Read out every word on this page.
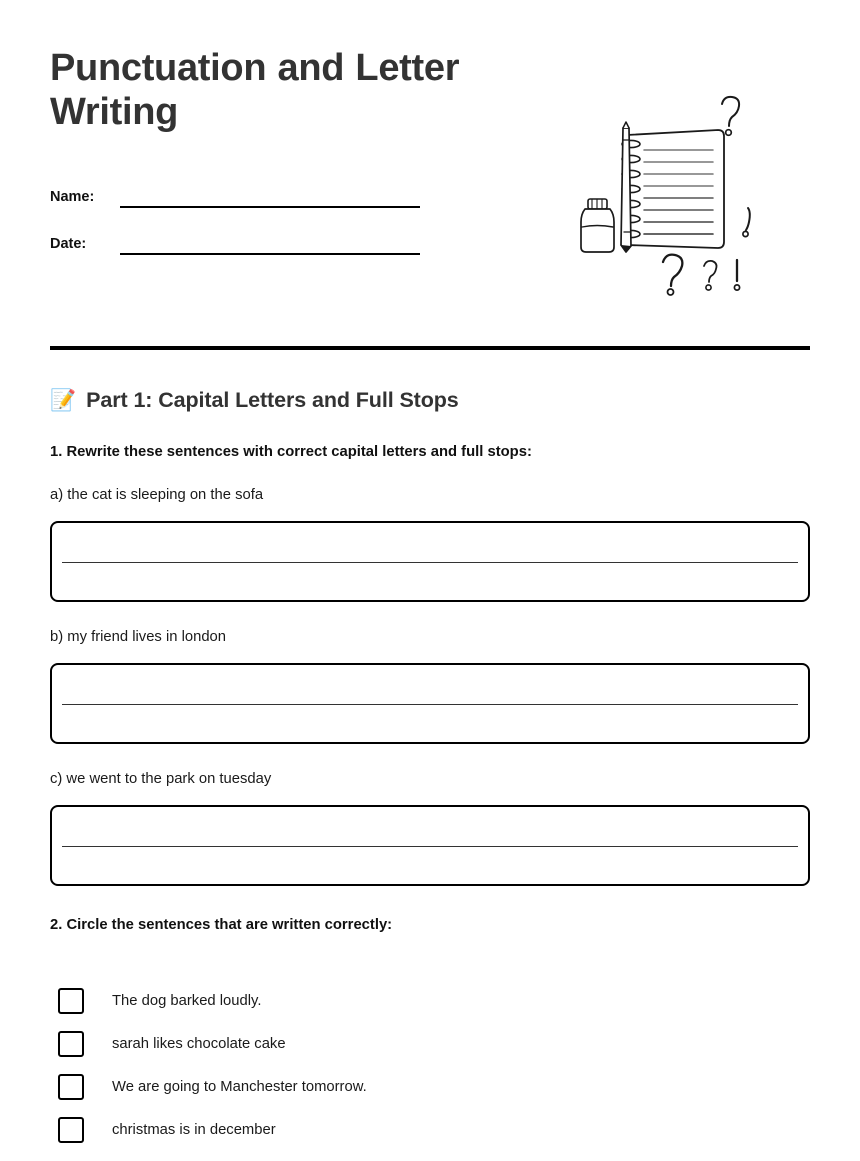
Punctuation and Letter Writing
Name:
Date:
📝 Part 1: Capital Letters and Full Stops
1. Rewrite these sentences with correct capital letters and full stops:
a) the cat is sleeping on the sofa
b) my friend lives in london
c) we went to the park on tuesday
2. Circle the sentences that are written correctly:
The dog barked loudly.
sarah likes chocolate cake
We are going to Manchester tomorrow.
christmas is in december
